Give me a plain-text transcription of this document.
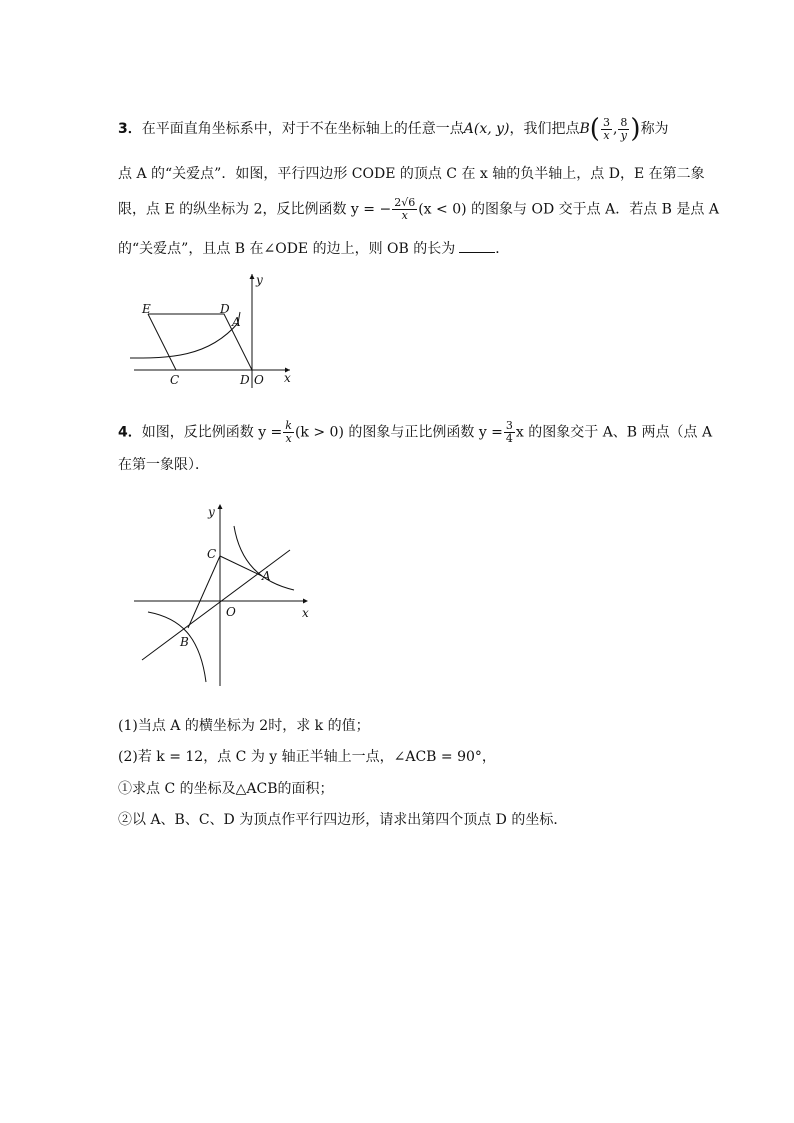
3．在平面直角坐标系中，对于不在坐标轴上的任意一点A(x, y)，我们把点$B( \frac{3}{x}$ , $\frac{8}{y}$ )称为
点 A 的“关爱点”．如图，平行四边形 CODE 的顶点 C 在 x 轴的负半轴上，点 D，E 在第二象
限，点 E 的纵坐标为 2，反比例函数 y = − $\frac{2√6}{x} (x < 0)$ 的图象与 OD 交于点 A．若点 B 是点 A
的“关爱点”，且点 B 在∠ODE 的边上，则 OB 的长为	．
E	D
A
y
C	D O x
4．如图，反比例函数 $y = \frac{k}{x} (k > 0)$ 的图象与正比例函数 $y = \frac{3}{4}$ x 的图象交于 A、B 两点（点 A
在第一象限）．
y
C
A
O	x
B
(1)当点 A 的横坐标为 2时，求 k 的值；
(2)若 k = 12，点 C 为 y 轴正半轴上一点，∠ACB = 90°，
①求点 C 的坐标及△ACB的面积；
②以 A、B、C、D 为顶点作平行四边形，请求出第四个顶点 D 的坐标．
